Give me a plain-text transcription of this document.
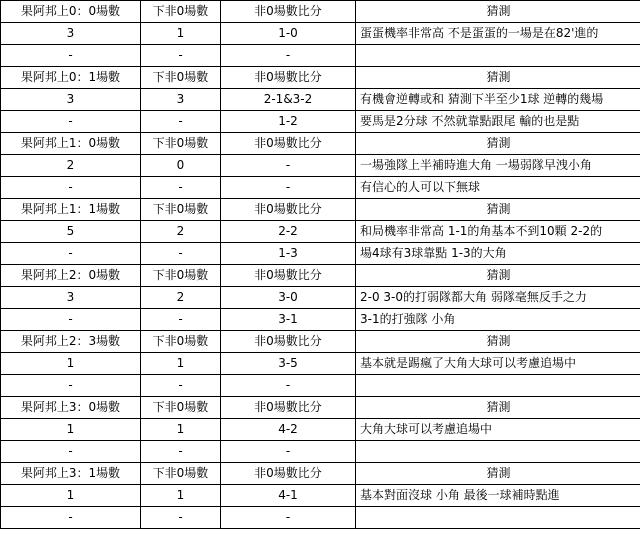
果阿邦上0：0場數	下非0場數	非0場數比分	猜測
3	1	1-0	蛋蛋機率非常高 不是蛋蛋的一場是在82'進的
-	-	-	
果阿邦上0：1場數	下非0場數	非0場數比分	猜測
3	3	2-1&3-2	有機會逆轉或和 猜測下半至少1球 逆轉的幾場
-	-	1-2	要馬是2分球 不然就靠點跟尾 輸的也是點
果阿邦上1：0場數	下非0場數	非0場數比分	猜測
2	0	-	一場強隊上半補時進大角 一場弱隊早洩小角
-	-	-	有信心的人可以下無球
果阿邦上1：1場數	下非0場數	非0場數比分	猜測
5	2	2-2	和局機率非常高 1-1的角基本不到10顆 2-2的
-	-	1-3	場4球有3球靠點 1-3的大角
果阿邦上2：0場數	下非0場數	非0場數比分	猜測
3	2	3-0	2-0 3-0的打弱隊都大角 弱隊毫無反手之力
-	-	3-1	3-1的打強隊 小角
果阿邦上2：3場數	下非0場數	非0場數比分	猜測
1	1	3-5	基本就是踢瘋了大角大球可以考慮追場中
-	-	-	
果阿邦上3：0場數	下非0場數	非0場數比分	猜測
1	1	4-2	大角大球可以考慮追場中
-	-	-	
果阿邦上3：1場數	下非0場數	非0場數比分	猜測
1	1	4-1	基本對面沒球 小角 最後一球補時點進
-	-	-	
